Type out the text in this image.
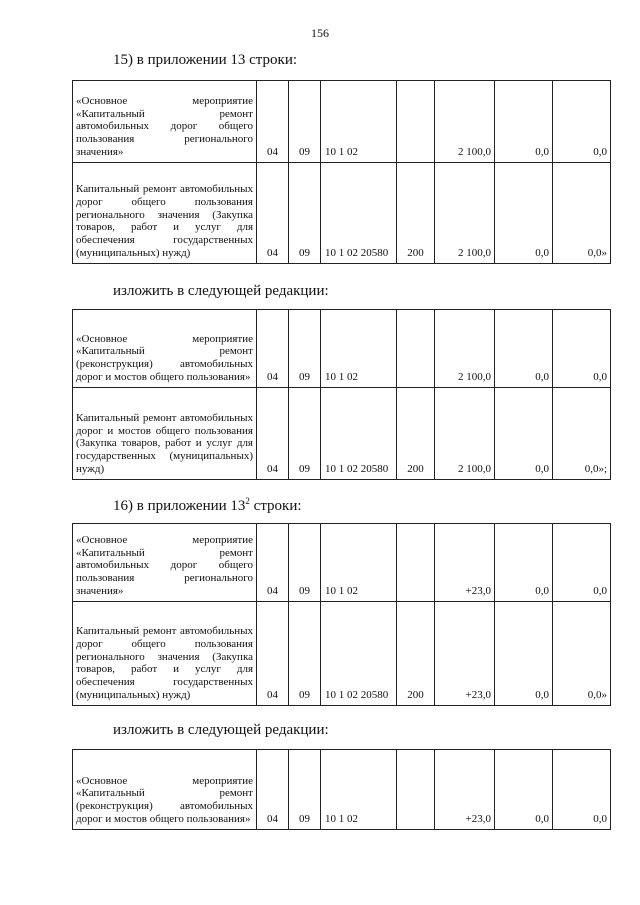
156
15) в приложении 13 строки:
«Основное мероприятие «Капитальный ремонт автомобильных дорог общего пользования регионального значения»	04	09	10 1 02		2 100,0	0,0	0,0
Капитальный ремонт автомобильных дорог общего пользования регионального значения (Закупка товаров, работ и услуг для обеспечения государственных (муниципальных) нужд)	04	09	10 1 02 20580	200	2 100,0	0,0	0,0»
изложить в следующей редакции:
«Основное мероприятие «Капитальный ремонт (реконструкция) автомобильных дорог и мостов общего пользования»	04	09	10 1 02		2 100,0	0,0	0,0
Капитальный ремонт автомобильных дорог и мостов общего пользования (Закупка товаров, работ и услуг для государственных (муниципальных) нужд)	04	09	10 1 02 20580	200	2 100,0	0,0	0,0»;
16) в приложении $13^2$ строки:
«Основное мероприятие «Капитальный ремонт автомобильных дорог общего пользования регионального значения»	04	09	10 1 02		+23,0	0,0	0,0
Капитальный ремонт автомобильных дорог общего пользования регионального значения (Закупка товаров, работ и услуг для обеспечения государственных (муниципальных) нужд)	04	09	10 1 02 20580	200	+23,0	0,0	0,0»
изложить в следующей редакции:
«Основное мероприятие «Капитальный ремонт (реконструкция) автомобильных дорог и мостов общего пользования»	04	09	10 1 02		+23,0	0,0	0,0
